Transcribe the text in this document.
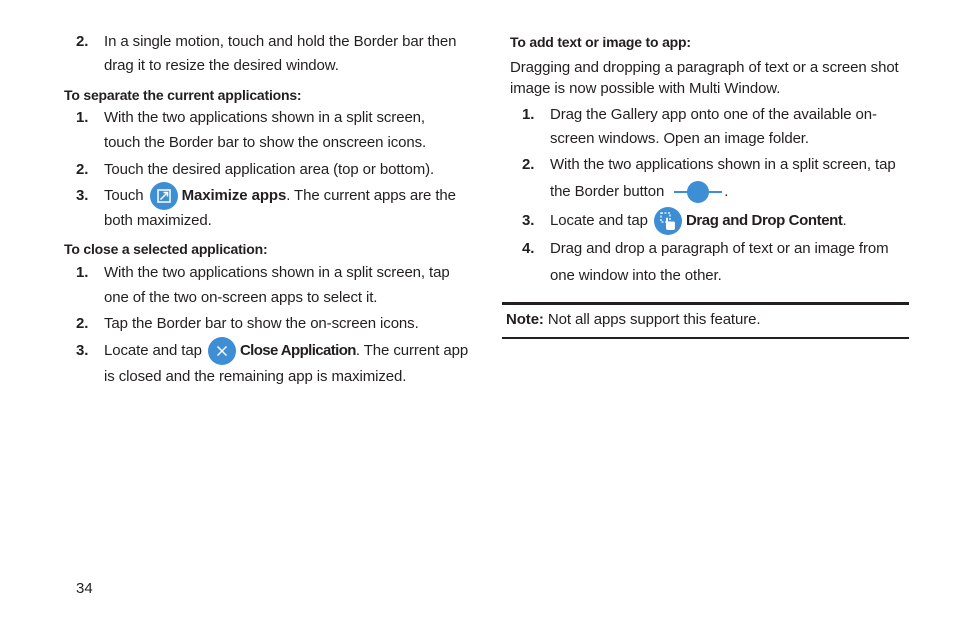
2. In a single motion, touch and hold the Border bar then
drag it to resize the desired window.
To separate the current applications:
1. With the two applications shown in a split screen,
touch the Border bar to show the onscreen icons.
2. Touch the desired application area (top or bottom).
3. Touch	Maximize apps. The current apps are the
both maximized.
To close a selected application:
1. With the two applications shown in a split screen, tap
one of the two on-screen apps to select it.
2. Tap the Border bar to show the on-screen icons.
3. Locate and tap	Close Application. The current app
is closed and the remaining app is maximized.
To add text or image to app:
Dragging and dropping a paragraph of text or a screen shot
image is now possible with Multi Window.
1. Drag the Gallery app onto one of the available on-
screen windows. Open an image folder.
2. With the two applications shown in a split screen, tap
the Border button	.
3. Locate and tap	Drag and Drop Content.
4. Drag and drop a paragraph of text or an image from
one window into the other.
Note: Not all apps support this feature.
34
